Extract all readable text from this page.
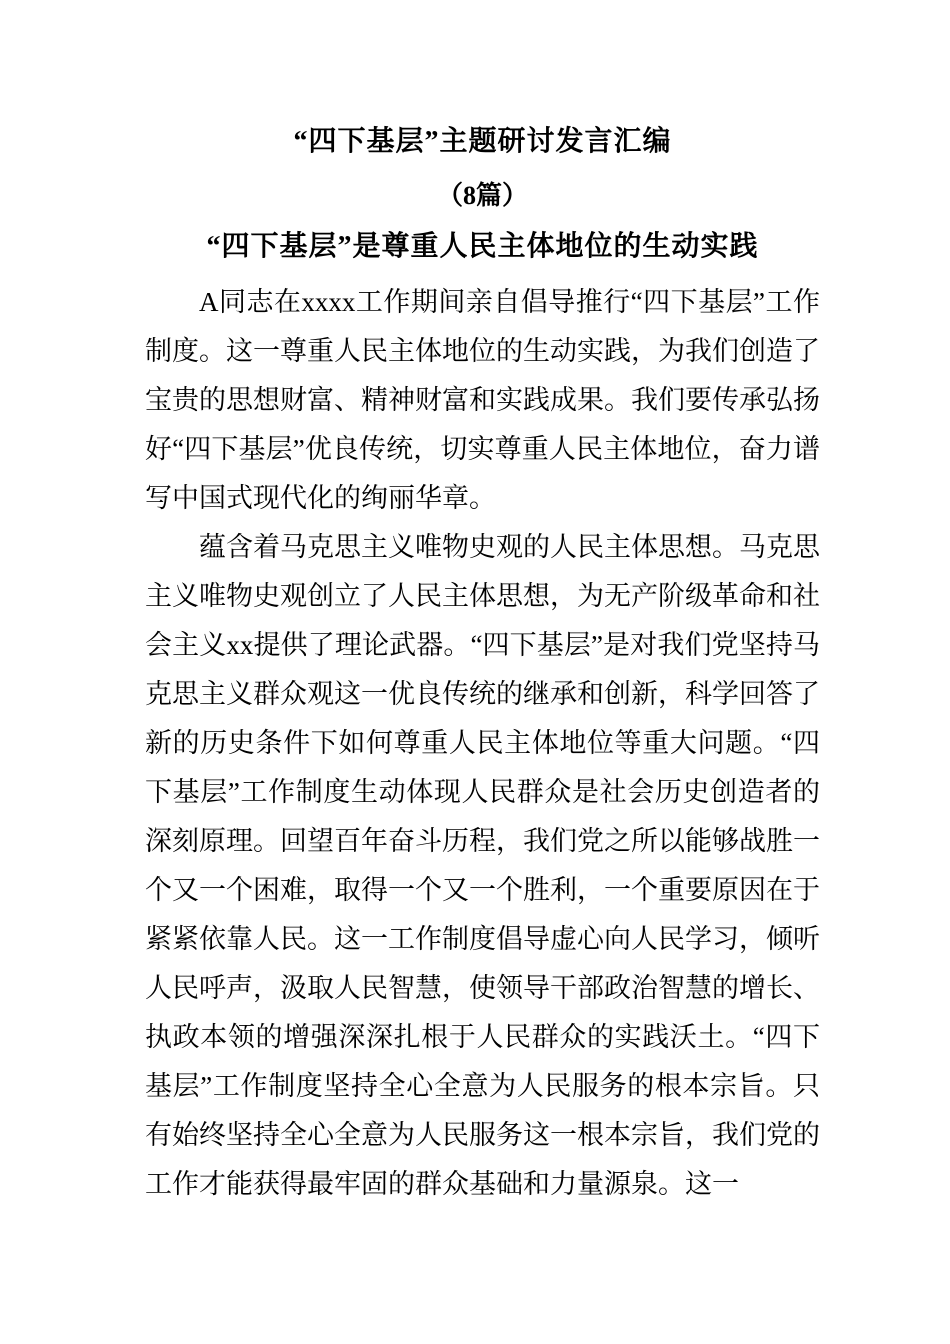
“四下基层”主题研讨发言汇编
（8篇）
“四下基层”是尊重人民主体地位的生动实践

A同志在xxxx工作期间亲自倡导推行“四下基层”工作制度。这一尊重人民主体地位的生动实践，为我们创造了宝贵的思想财富、精神财富和实践成果。我们要传承弘扬好“四下基层”优良传统，切实尊重人民主体地位，奋力谱写中国式现代化的绚丽华章。

蕴含着马克思主义唯物史观的人民主体思想。马克思主义唯物史观创立了人民主体思想，为无产阶级革命和社会主义xx提供了理论武器。“四下基层”是对我们党坚持马克思主义群众观这一优良传统的继承和创新，科学回答了新的历史条件下如何尊重人民主体地位等重大问题。“四下基层”工作制度生动体现人民群众是社会历史创造者的深刻原理。回望百年奋斗历程，我们党之所以能够战胜一个又一个困难，取得一个又一个胜利，一个重要原因在于紧紧依靠人民。这一工作制度倡导虚心向人民学习，倾听人民呼声，汲取人民智慧，使领导干部政治智慧的增长、执政本领的增强深深扎根于人民群众的实践沃土。“四下基层”工作制度坚持全心全意为人民服务的根本宗旨。只有始终坚持全心全意为人民服务这一根本宗旨，我们党的工作才能获得最牢固的群众基础和力量源泉。这一
